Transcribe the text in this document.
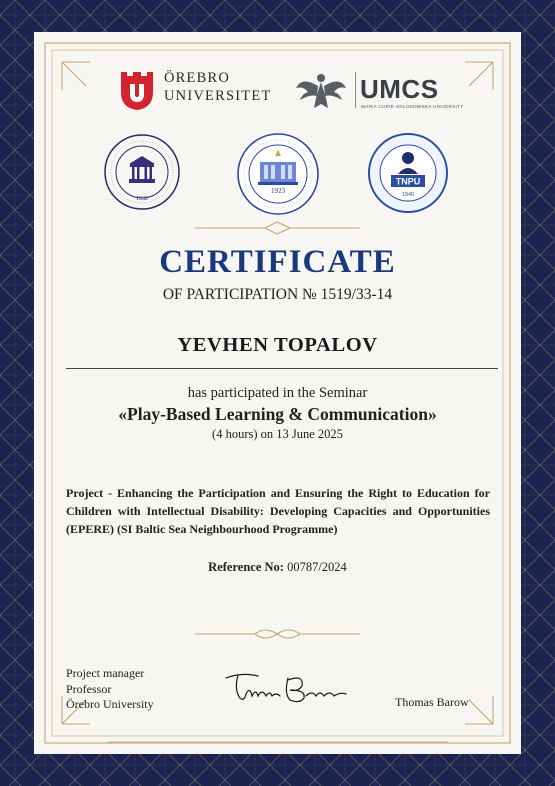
ÖREBRO
UNIVERSITET	UMCS
MARIA CURIE-SKŁODOWSKA UNIVERSITY
1932
1923
TNPU
1940
CERTIFICATE
OF PARTICIPATION № 1519/33-14
YEVHEN TOPALOV
has participated in the Seminar
«Play-Based Learning & Communication»
(4 hours) on 13 June 2025
Project - Enhancing the Participation and Ensuring the Right to Education for Children with Intellectual Disability: Developing Capacities and Opportunities (EPERE) (SI Baltic Sea Neighbourhood Programme)
Reference No: 00787/2024
Project manager
Professor
Örebro University	Thomas Barow
